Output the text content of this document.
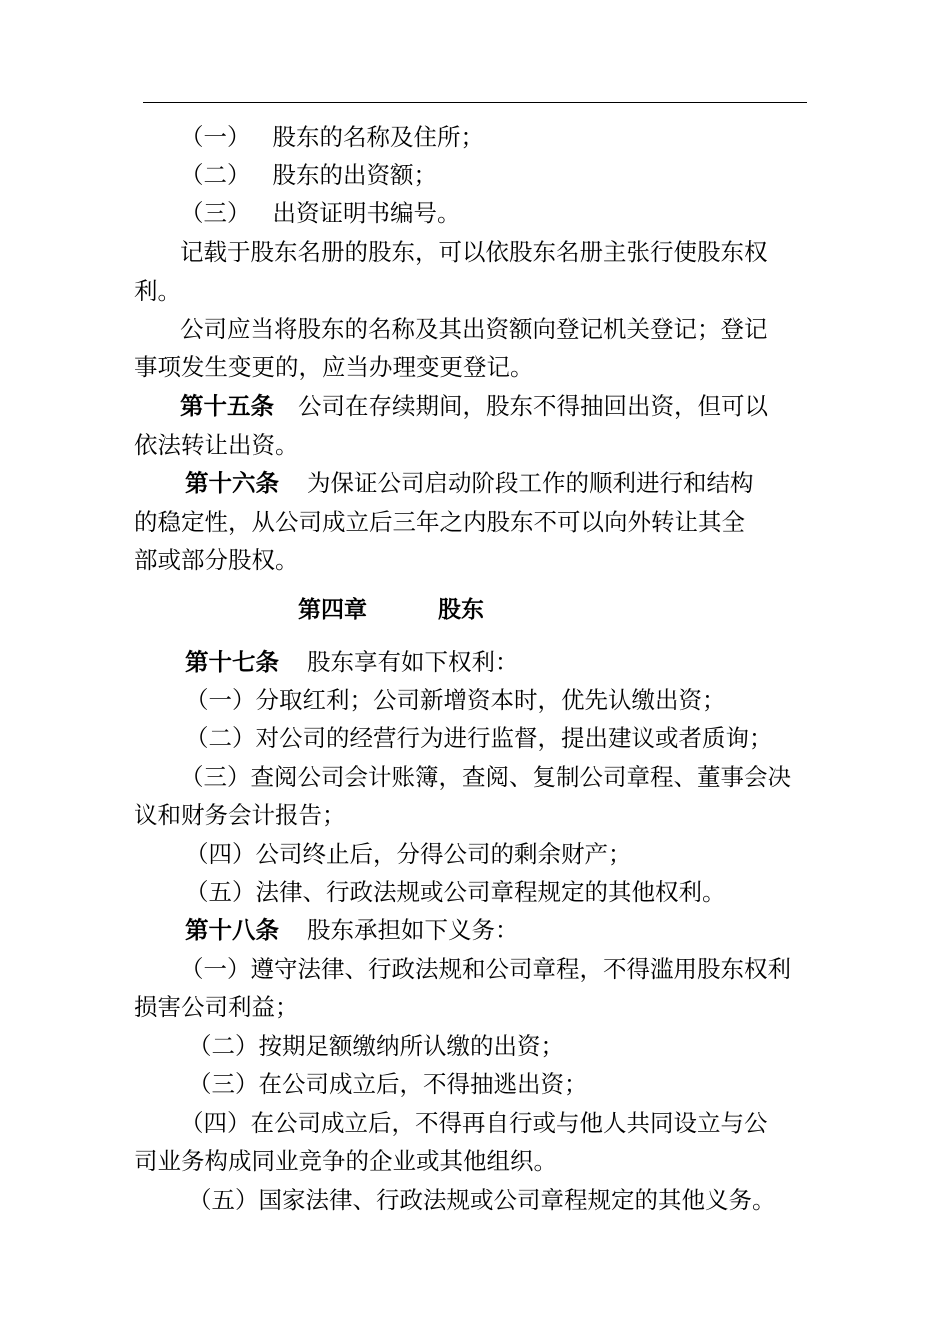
（一） 股东的名称及住所；
（二） 股东的出资额；
（三） 出资证明书编号。
记载于股东名册的股东，可以依股东名册主张行使股东权
利。
公司应当将股东的名称及其出资额向登记机关登记；登记
事项发生变更的，应当办理变更登记。
第十五条 公司在存续期间，股东不得抽回出资，但可以
依法转让出资。
第十六条 为保证公司启动阶段工作的顺利进行和结构
的稳定性，从公司成立后三年之内股东不可以向外转让其全
部或部分股权。
第四章	股东
第十七条 股东享有如下权利：
（一）分取红利；公司新增资本时，优先认缴出资；
（二）对公司的经营行为进行监督，提出建议或者质询；
（三）查阅公司会计账簿，查阅、复制公司章程、董事会决
议和财务会计报告；
（四）公司终止后，分得公司的剩余财产；
（五）法律、行政法规或公司章程规定的其他权利。
第十八条 股东承担如下义务：
（一）遵守法律、行政法规和公司章程，不得滥用股东权利
损害公司利益；
（二）按期足额缴纳所认缴的出资；
（三）在公司成立后，不得抽逃出资；
（四）在公司成立后，不得再自行或与他人共同设立与公
司业务构成同业竞争的企业或其他组织。
（五）国家法律、行政法规或公司章程规定的其他义务。
